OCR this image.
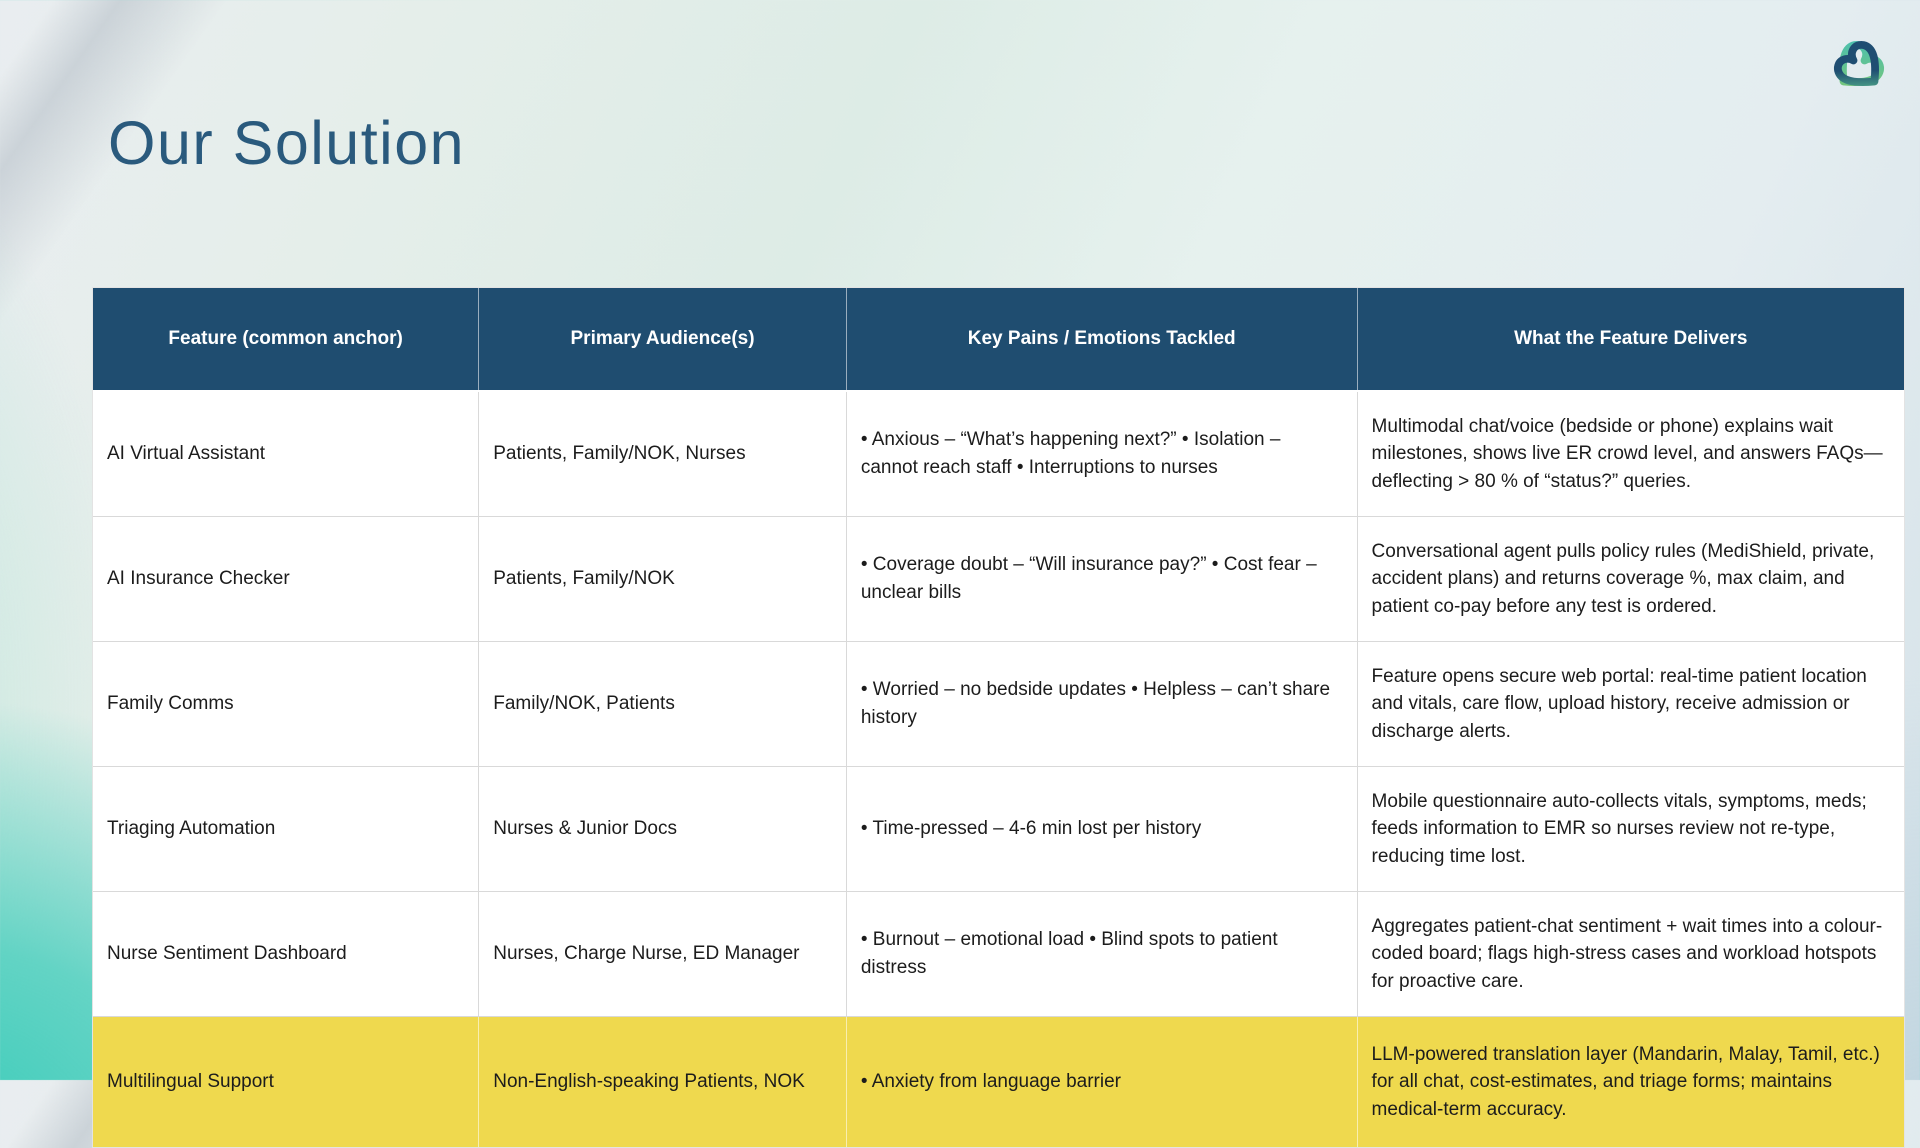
Our Solution
Feature (common anchor)	Primary Audience(s)	Key Pains / Emotions Tackled	What the Feature Delivers
AI Virtual Assistant	Patients, Family/NOK, Nurses	• Anxious – “What’s happening next?” • Isolation – cannot reach staff • Interruptions to nurses	Multimodal chat/voice (bedside or phone) explains wait milestones, shows live ER crowd level, and answers FAQs—deflecting > 80 % of “status?” queries.
AI Insurance Checker	Patients, Family/NOK	• Coverage doubt – “Will insurance pay?” • Cost fear – unclear bills	Conversational agent pulls policy rules (MediShield, private, accident plans) and returns coverage %, max claim, and patient co-pay before any test is ordered.
Family Comms	Family/NOK, Patients	• Worried – no bedside updates • Helpless – can’t share history	Feature opens secure web portal: real-time patient location and vitals, care flow, upload history, receive admission or discharge alerts.
Triaging Automation	Nurses & Junior Docs	• Time-pressed – 4-6 min lost per history	Mobile questionnaire auto-collects vitals, symptoms, meds; feeds information to EMR so nurses review not re-type, reducing time lost.
Nurse Sentiment Dashboard	Nurses, Charge Nurse, ED Manager	• Burnout – emotional load • Blind spots to patient distress	Aggregates patient-chat sentiment + wait times into a colour-coded board; flags high-stress cases and workload hotspots for proactive care.
Multilingual Support	Non-English-speaking Patients, NOK	• Anxiety from language barrier	LLM-powered translation layer (Mandarin, Malay, Tamil, etc.) for all chat, cost-estimates, and triage forms; maintains medical-term accuracy.
